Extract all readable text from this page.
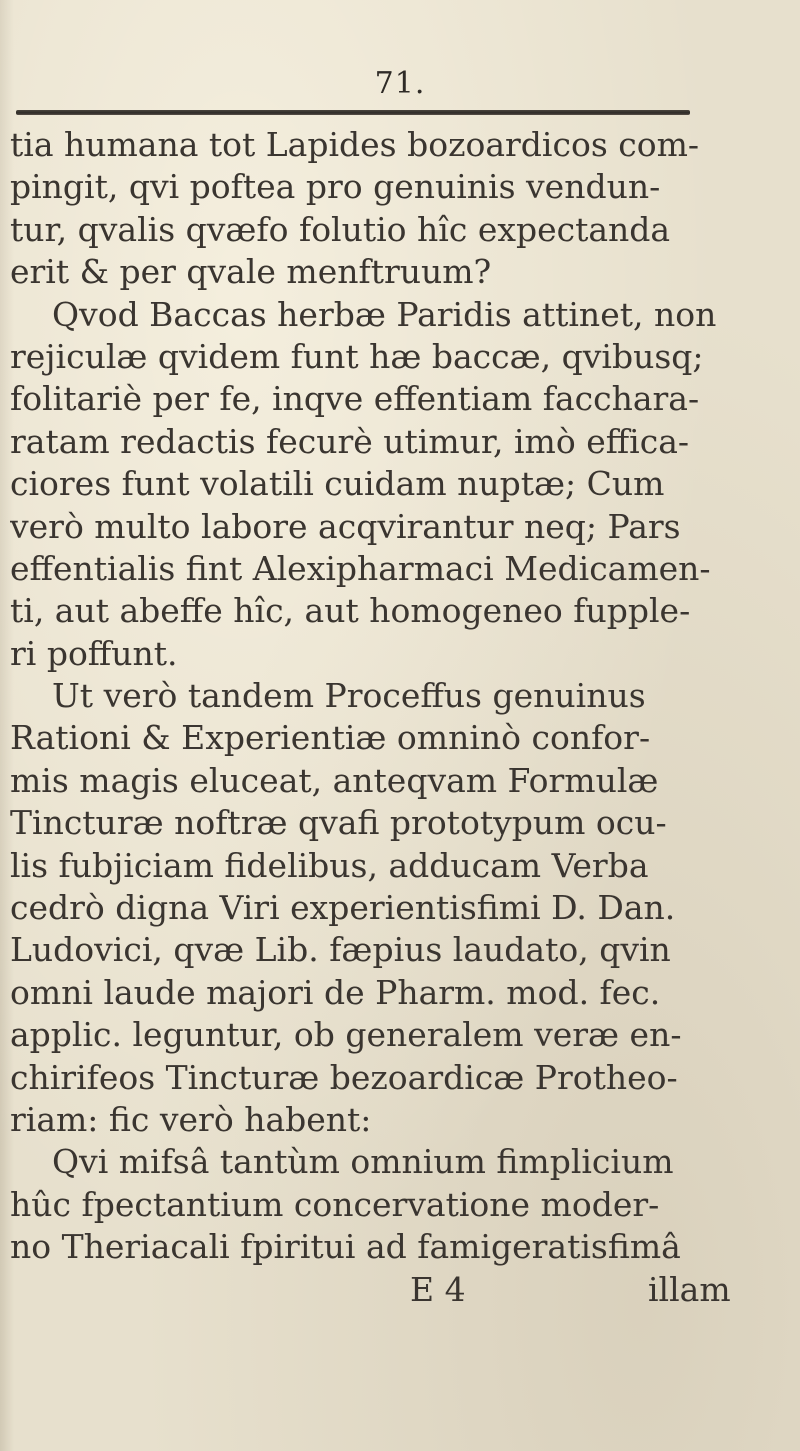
71.
tia humana tot Lapides bozoardicos com-
pingit, qvi poftea pro genuinis vendun-
tur, qvalis qvæfo folutio hîc expectanda
erit & per qvale menftruum?
Qvod Baccas herbæ Paridis attinet, non
rejiculæ qvidem funt hæ baccæ, qvibusq;
folitariè per fe, inqve effentiam facchara-
ratam redactis fecurè utimur, imò effica-
ciores funt volatili cuidam nuptæ; Cum
verò multo labore acqvirantur neq; Pars
effentialis fint Alexipharmaci Medicamen-
ti, aut abeffe hîc, aut homogeneo fupple-
ri poffunt.
Ut verò tandem Proceffus genuinus
Rationi & Experientiæ omninò confor-
mis magis eluceat, anteqvam Formulæ
Tincturæ noftræ qvafi prototypum ocu-
lis fubjiciam fidelibus, adducam Verba
cedrò digna Viri experientisfimi D. Dan.
Ludovici, qvæ Lib. fæpius laudato, qvin
omni laude majori de Pharm. mod. fec.
applic. leguntur, ob generalem veræ en-
chirifeos Tincturæ bezoardicæ Protheo-
riam: fic verò habent:
Qvi mifsâ tantùm omnium fimplicium
hûc fpectantium concervatione moder-
no Theriacali fpiritui ad famigeratisfimâ
E 4	illam
